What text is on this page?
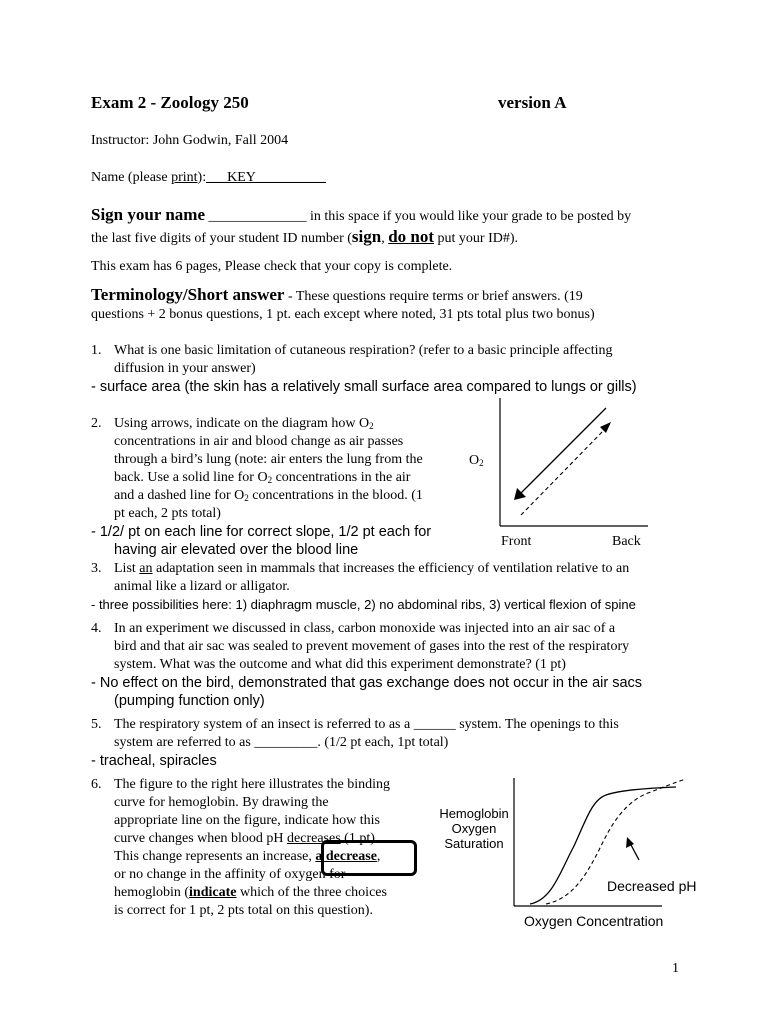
Exam 2 - Zoology 250	version A
Instructor: John Godwin, Fall 2004
Name (please print):___KEY__________
Sign your name ______________ in this space if you would like your grade to be posted by
the last five digits of your student ID number (sign, do not put your ID#).
This exam has 6 pages, Please check that your copy is complete.
Terminology/Short answer - These questions require terms or brief answers. (19
questions + 2 bonus questions, 1 pt. each except where noted, 31 pts total plus two bonus)
1. What is one basic limitation of cutaneous respiration? (refer to a basic principle affecting
diffusion in your answer)
- surface area (the skin has a relatively small surface area compared to lungs or gills)
2. Using arrows, indicate on the diagram how $O_2$
concentrations in air and blood change as air passes
through a bird’s lung (note: air enters the lung from the
back. Use a solid line for $O_2$ concentrations in the air
and a dashed line for $O_2$ concentrations in the blood. (1
pt each, 2 pts total)
- 1/2/ pt on each line for correct slope, 1/2 pt each for
having air elevated over the blood line
$O_2$
Front	Back
3. List an adaptation seen in mammals that increases the efficiency of ventilation relative to an
animal like a lizard or alligator.
- three possibilities here: 1) diaphragm muscle, 2) no abdominal ribs, 3) vertical flexion of spine
4. In an experiment we discussed in class, carbon monoxide was injected into an air sac of a
bird and that air sac was sealed to prevent movement of gases into the rest of the respiratory
system. What was the outcome and what did this experiment demonstrate? (1 pt)
- No effect on the bird, demonstrated that gas exchange does not occur in the air sacs
(pumping function only)
5. The respiratory system of an insect is referred to as a ______ system. The openings to this
system are referred to as _________. (1/2 pt each, 1pt total)
- tracheal, spiracles
6. The figure to the right here illustrates the binding
curve for hemoglobin. By drawing the
appropriate line on the figure, indicate how this
curve changes when blood pH decreases (1 pt).
This change represents an increase, a decrease,
or no change in the affinity of oxygen for
hemoglobin (indicate which of the three choices
is correct for 1 pt, 2 pts total on this question).
Hemoglobin
Oxygen
Saturation
Decreased pH
Oxygen Concentration
1
